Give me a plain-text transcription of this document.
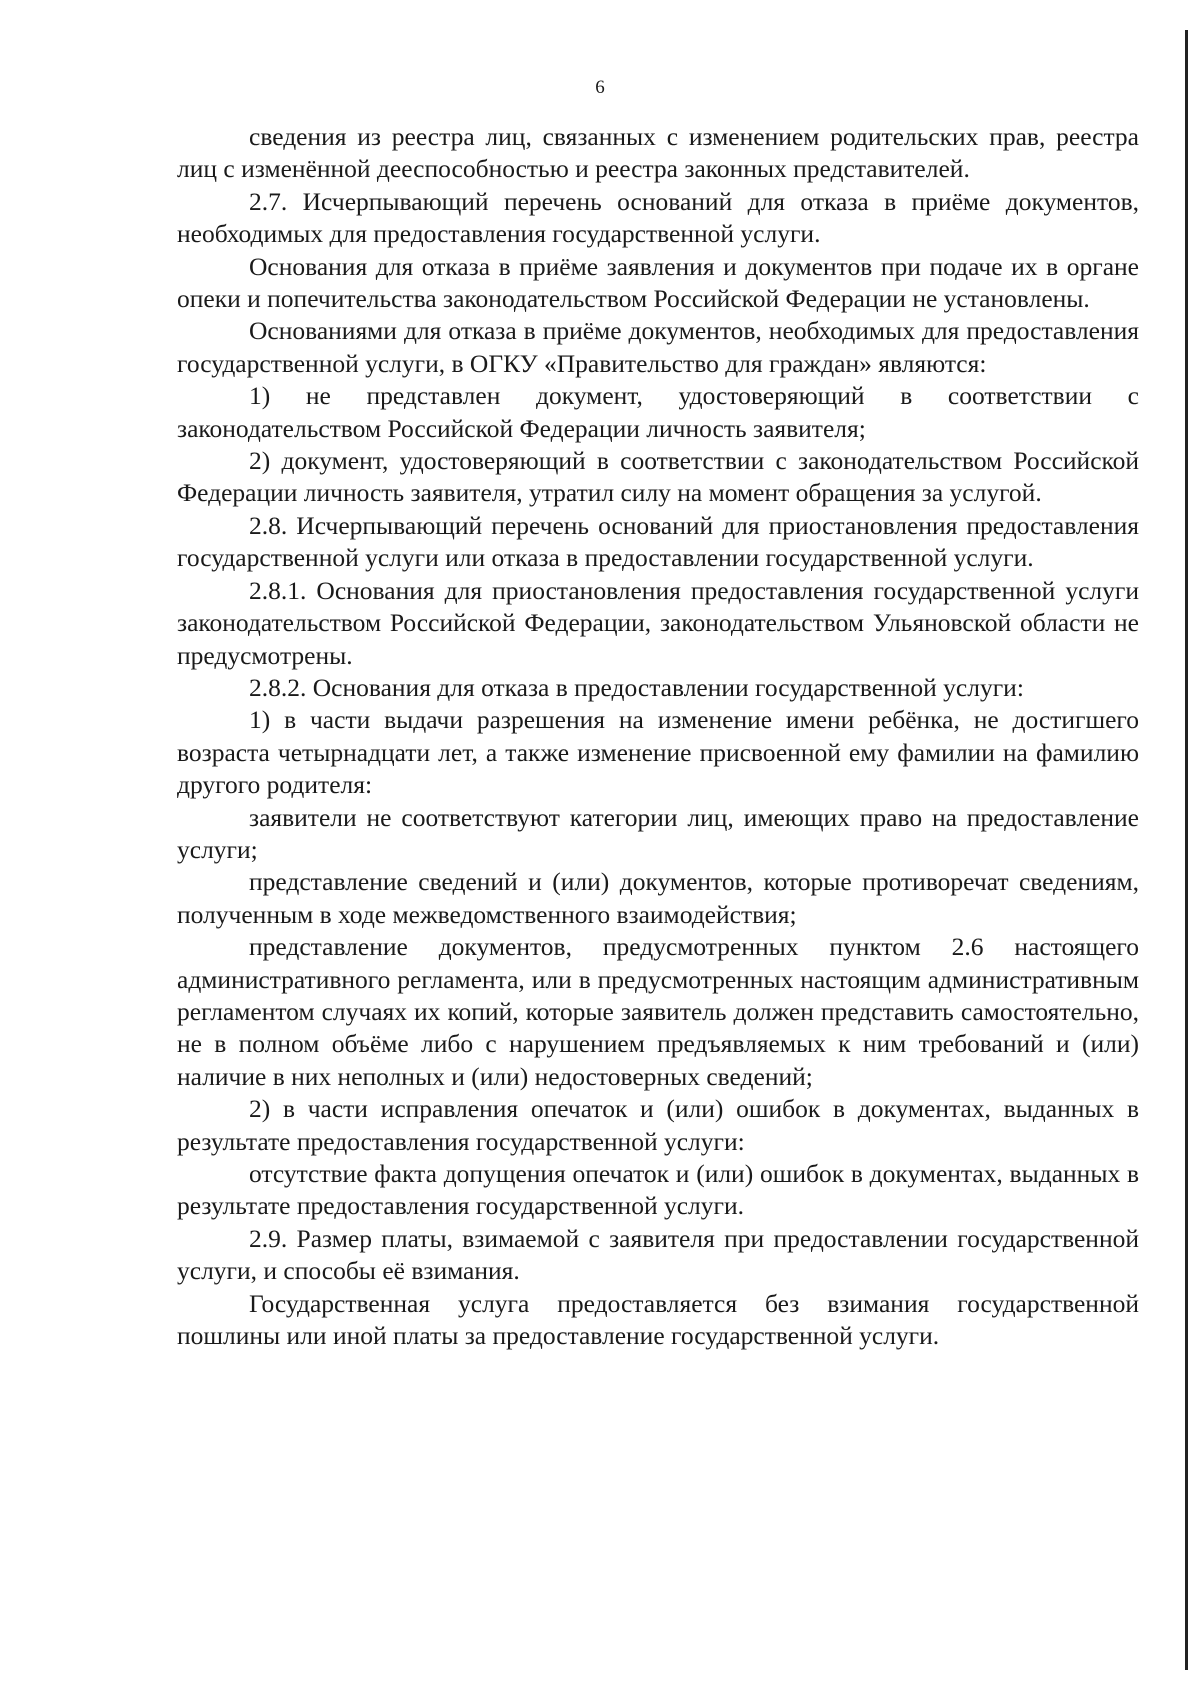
6

сведения из реестра лиц, связанных с изменением родительских прав, реестра лиц с изменённой дееспособностью и реестра законных представителей.

2.7. Исчерпывающий перечень оснований для отказа в приёме документов, необходимых для предоставления государственной услуги.

Основания для отказа в приёме заявления и документов при подаче их в органе опеки и попечительства законодательством Российской Федерации не установлены.

Основаниями для отказа в приёме документов, необходимых для предоставления государственной услуги, в ОГКУ «Правительство для граждан» являются:

1) не представлен документ, удостоверяющий в соответствии с законодательством Российской Федерации личность заявителя;

2) документ, удостоверяющий в соответствии с законодательством Российской Федерации личность заявителя, утратил силу на момент обращения за услугой.

2.8. Исчерпывающий перечень оснований для приостановления предоставления государственной услуги или отказа в предоставлении государственной услуги.

2.8.1. Основания для приостановления предоставления государственной услуги законодательством Российской Федерации, законодательством Ульяновской области не предусмотрены.

2.8.2. Основания для отказа в предоставлении государственной услуги:

1) в части выдачи разрешения на изменение имени ребёнка, не достигшего возраста четырнадцати лет, а также изменение присвоенной ему фамилии на фамилию другого родителя:

заявители не соответствуют категории лиц, имеющих право на предоставление услуги;

представление сведений и (или) документов, которые противоречат сведениям, полученным в ходе межведомственного взаимодействия;

представление документов, предусмотренных пунктом 2.6 настоящего административного регламента, или в предусмотренных настоящим административным регламентом случаях их копий, которые заявитель должен представить самостоятельно, не в полном объёме либо с нарушением предъявляемых к ним требований и (или) наличие в них неполных и (или) недостоверных сведений;

2) в части исправления опечаток и (или) ошибок в документах, выданных в результате предоставления государственной услуги:

отсутствие факта допущения опечаток и (или) ошибок в документах, выданных в результате предоставления государственной услуги.

2.9. Размер платы, взимаемой с заявителя при предоставлении государственной услуги, и способы её взимания.

Государственная услуга предоставляется без взимания государственной пошлины или иной платы за предоставление государственной услуги.
